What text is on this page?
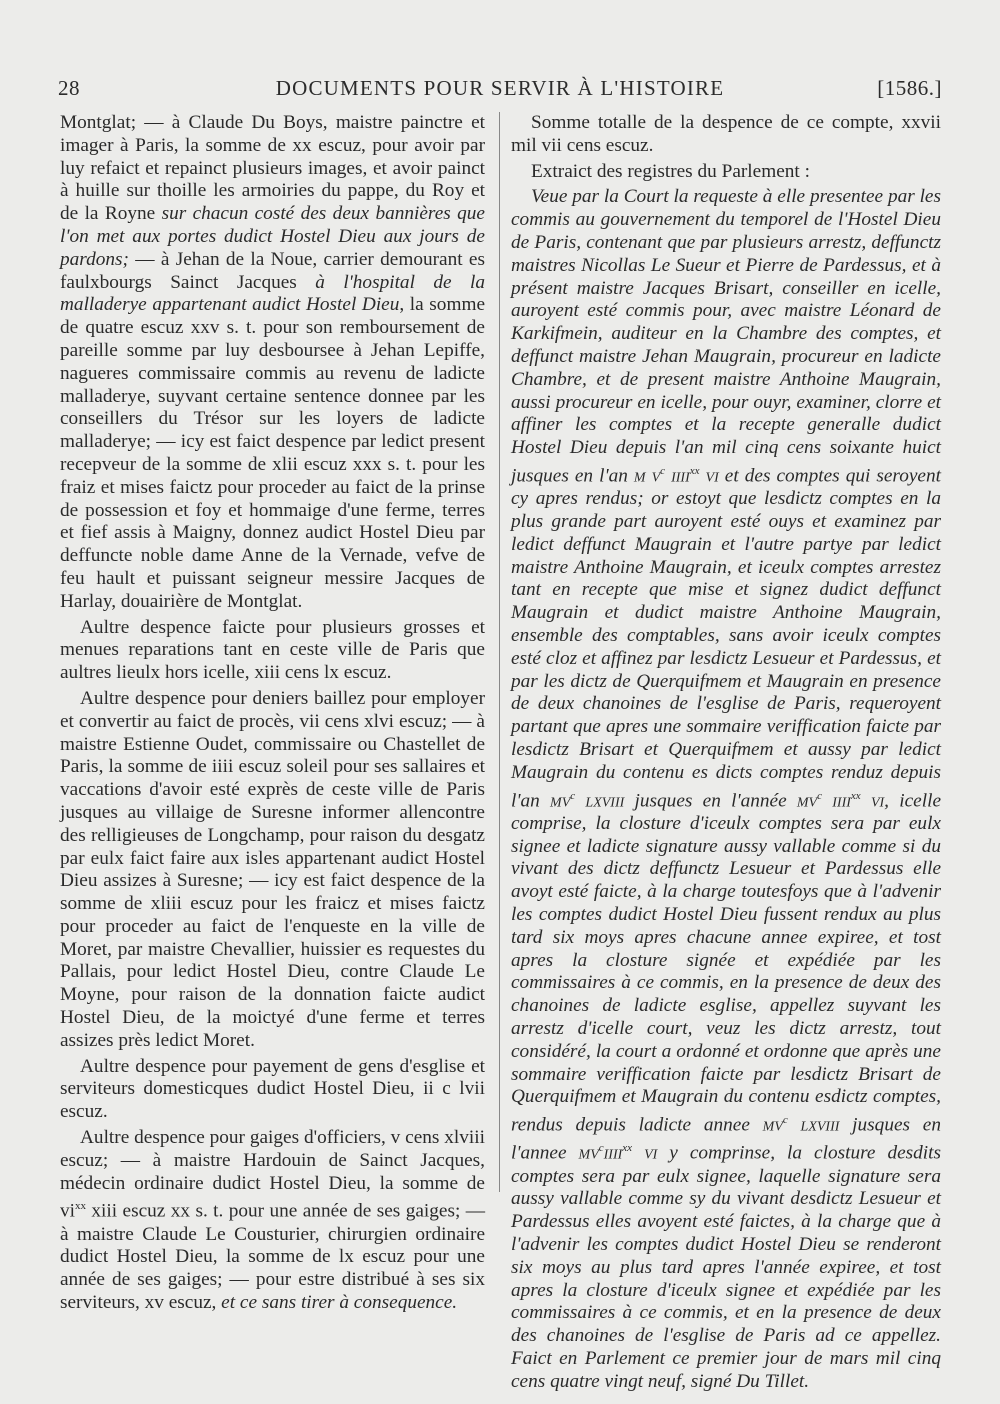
28	DOCUMENTS POUR SERVIR À L'HISTOIRE	[1586.]

Montglat; — à Claude Du Boys, maistre painctre et imager à Paris, la somme de xx escuz, pour avoir par luy refaict et repainct plusieurs images, et avoir painct à huille sur thoille les armoiries du pappe, du Roy et de la Royne sur chacun costé des deux bannières que l'on met aux portes dudict Hostel Dieu aux jours de pardons; — à Jehan de la Noue, carrier demourant es faulxbourgs Sainct Jacques à l'hospital de la malladerye appartenant audict Hostel Dieu, la somme de quatre escuz xxv s. t. pour son remboursement de pareille somme par luy desboursee à Jehan Lepiffe, nagueres commissaire commis au revenu de ladicte malladerye, suyvant certaine sentence donnee par les conseillers du Trésor sur les loyers de ladicte malladerye; — icy est faict despence par ledict present recepveur de la somme de xlii escuz xxx s. t. pour les fraiz et mises faictz pour proceder au faict de la prinse de possession et foy et hommaige d'une ferme, terres et fief assis à Maigny, donnez audict Hostel Dieu par deffuncte noble dame Anne de la Vernade, vefve de feu hault et puissant seigneur messire Jacques de Harlay, douairière de Montglat.

Aultre despence faicte pour plusieurs grosses et menues reparations tant en ceste ville de Paris que aultres lieulx hors icelle, xiii cens lx escuz.

Aultre despence pour deniers baillez pour employer et convertir au faict de procès, vii cens xlvi escuz; — à maistre Estienne Oudet, commissaire ou Chastellet de Paris, la somme de iiii escuz soleil pour ses sallaires et vaccations d'avoir esté exprès de ceste ville de Paris jusques au villaige de Suresne informer allencontre des relligieuses de Longchamp, pour raison du desgatz par eulx faict faire aux isles appartenant audict Hostel Dieu assizes à Suresne; — icy est faict despence de la somme de xliii escuz pour les fraicz et mises faictz pour proceder au faict de l'enqueste en la ville de Moret, par maistre Chevallier, huissier es requestes du Pallais, pour ledict Hostel Dieu, contre Claude Le Moyne, pour raison de la donnation faicte audict Hostel Dieu, de la moictyé d'une ferme et terres assizes près ledict Moret.

Aultre despence pour payement de gens d'esglise et serviteurs domesticques dudict Hostel Dieu, ii c lvii escuz.

Aultre despence pour gaiges d'officiers, v cens xlviii escuz; — à maistre Hardouin de Sainct Jacques, médecin ordinaire dudict Hostel Dieu, la somme de $vi^{xx}$ xiii escuz xx s. t. pour une année de ses gaiges; — à maistre Claude Le Cousturier, chirurgien ordinaire dudict Hostel Dieu, la somme de lx escuz pour une année de ses gaiges; — pour estre distribué à ses six serviteurs, xv escuz, et ce sans tirer à consequence.

Somme totalle de la despence de ce compte, xxvii mil vii cens escuz.

Extraict des registres du Parlement :

Veue par la Court la requeste à elle presentee par les commis au gouvernement du temporel de l'Hostel Dieu de Paris, contenant que par plusieurs arrestz, deffunctz maistres Nicollas Le Sueur et Pierre de Pardessus, et à présent maistre Jacques Brisart, conseiller en icelle, auroyent esté commis pour, avec maistre Léonard de Karkifmein, auditeur en la Chambre des comptes, et deffunct maistre Jehan Maugrain, procureur en ladicte Chambre, et de present maistre Anthoine Maugrain, aussi procureur en icelle, pour ouyr, examiner, clorre et affiner les comptes et la recepte generalle dudict Hostel Dieu depuis l'an mil cinq cens soixante huict jusques en l'an m $v^c$ iiii$^{xx}$ vi et des comptes qui seroyent cy apres rendus; or estoyt que lesdictz comptes en la plus grande part auroyent esté ouys et examinez par ledict deffunct Maugrain et l'autre partye par ledict maistre Anthoine Maugrain, et iceulx comptes arrestez tant en recepte que mise et signez dudict deffunct Maugrain et dudict maistre Anthoine Maugrain, ensemble des comptables, sans avoir iceulx comptes esté cloz et affinez par lesdictz Lesueur et Pardessus, et par les dictz de Querquifmem et Maugrain en presence de deux chanoines de l'esglise de Paris, requeroyent partant que apres une sommaire veriffication faicte par lesdictz Brisart et Querquifmem et aussy par ledict Maugrain du contenu es dicts comptes renduz depuis l'an $mv^c$ lxviii jusques en l'année $mv^c$ iiii$^{xx}$ vi, icelle comprise, la closture d'iceulx comptes sera par eulx signee et ladicte signature aussy vallable comme si du vivant des dictz deffunctz Lesueur et Pardessus elle avoyt esté faicte, à la charge toutesfoys que à l'advenir les comptes dudict Hostel Dieu fussent rendux au plus tard six moys apres chacune annee expiree, et tost apres la closture signée et expédiée par les commissaires à ce commis, en la presence de deux des chanoines de ladicte esglise, appellez suyvant les arrestz d'icelle court, veuz les dictz arrestz, tout considéré, la court a ordonné et ordonne que après une sommaire veriffication faicte par lesdictz Brisart de Querquifmem et Maugrain du contenu esdictz comptes, rendus depuis ladicte annee $mv^c$ lxviii jusques en l'annee $mv^ciiii^{xx}$ vi y comprinse, la closture desdits comptes sera par eulx signee, laquelle signature sera aussy vallable comme sy du vivant desdictz Lesueur et Pardessus elles avoyent esté faictes, à la charge que à l'advenir les comptes dudict Hostel Dieu se renderont six moys au plus tard apres l'année expiree, et tost apres la closture d'iceulx signee et expédiée par les commissaires à ce commis, et en la presence de deux des chanoines de l'esglise de Paris ad ce appellez. Faict en Parlement ce premier jour de mars mil cinq cens quatre vingt neuf, signé Du Tillet.
